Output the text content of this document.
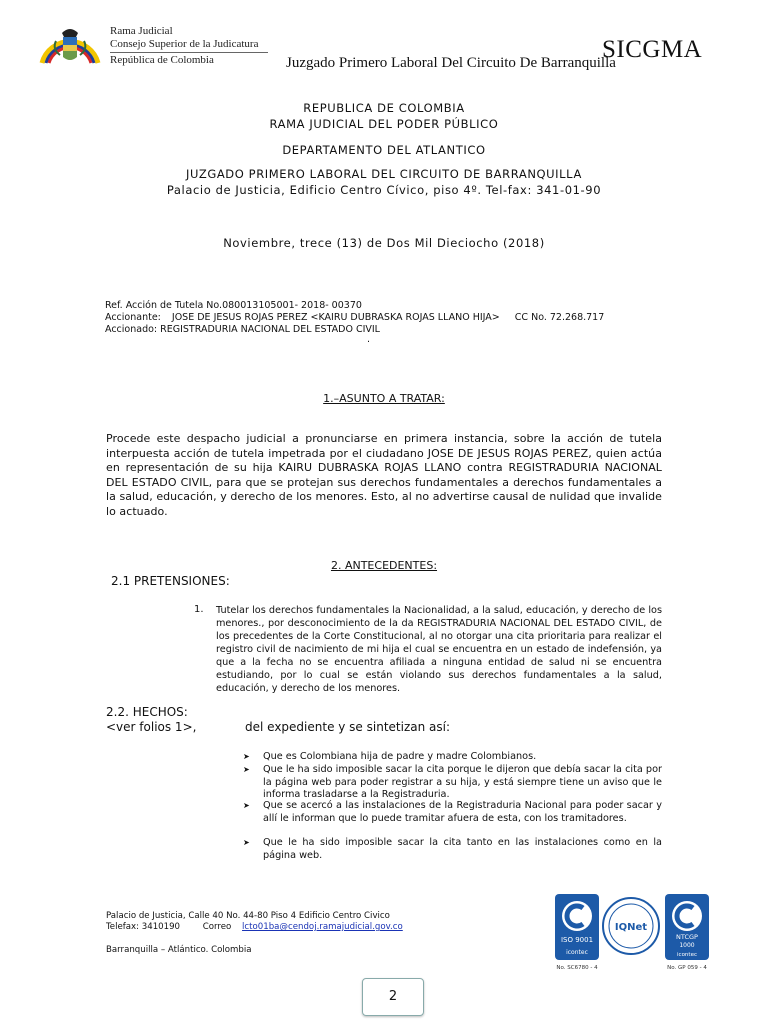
Rama Judicial
Consejo Superior de la Judicatura
República de Colombia	SICGMA
Juzgado Primero Laboral Del Circuito De Barranquilla
REPUBLICA DE COLOMBIA
RAMA JUDICIAL DEL PODER PÚBLICO
DEPARTAMENTO DEL ATLANTICO
JUZGADO PRIMERO LABORAL DEL CIRCUITO DE BARRANQUILLA
Palacio de Justicia, Edificio Centro Cívico, piso 4º. Tel-fax: 341-01-90
Noviembre, trece (13) de Dos Mil Dieciocho (2018)
Ref. Acción de Tutela No.080013105001- 2018- 00370
Accionante: JOSE DE JESUS ROJAS PEREZ <KAIRU DUBRASKA ROJAS LLANO HIJA> CC No. 72.268.717
Accionado: REGISTRADURIA NACIONAL DEL ESTADO CIVIL
.
1.–ASUNTO A TRATAR:
Procede este despacho judicial a pronunciarse en primera instancia, sobre la acción de tutela interpuesta acción de tutela impetrada por el ciudadano JOSE DE JESUS ROJAS PEREZ, quien actúa en representación de su hija KAIRU DUBRASKA ROJAS LLANO contra REGISTRADURIA NACIONAL DEL ESTADO CIVIL, para que se protejan sus derechos fundamentales a derechos fundamentales a la salud, educación, y derecho de los menores. Esto, al no advertirse causal de nulidad que invalide lo actuado.
2. ANTECEDENTES:
2.1 PRETENSIONES:
1. Tutelar los derechos fundamentales la Nacionalidad, a la salud, educación, y derecho de los menores., por desconocimiento de la da REGISTRADURIA NACIONAL DEL ESTADO CIVIL, de los precedentes de la Corte Constitucional, al no otorgar una cita prioritaria para realizar el registro civil de nacimiento de mi hija el cual se encuentra en un estado de indefensión, ya que a la fecha no se encuentra afiliada a ninguna entidad de salud ni se encuentra estudiando, por lo cual se están violando sus derechos fundamentales a la salud, educación, y derecho de los menores.
2.2. HECHOS:
<ver folios 1>,	del expediente y se sintetizan así:
➤ Que es Colombiana hija de padre y madre Colombianos.
➤ Que le ha sido imposible sacar la cita porque le dijeron que debía sacar la cita por la página web para poder registrar a su hija, y está siempre tiene un aviso que le informa trasladarse a la Registraduria.
➤ Que se acercó a las instalaciones de la Registraduria Nacional para poder sacar y allí le informan que lo puede tramitar afuera de esta, con los tramitadores.
➤ Que le ha sido imposible sacar la cita tanto en las instalaciones como en la página web.
Palacio de Justicia, Calle 40 No. 44-80 Piso 4 Edificio Centro Civico
Telefax: 3410190	Correo lcto01ba@cendoj.ramajudicial.gov.co
Barranquilla – Atlántico. Colombia
ISO 9001
icontec
No. SC6780 - 4
IQNet
NTCGP
1000
icontec
No. GP 059 - 4
2
